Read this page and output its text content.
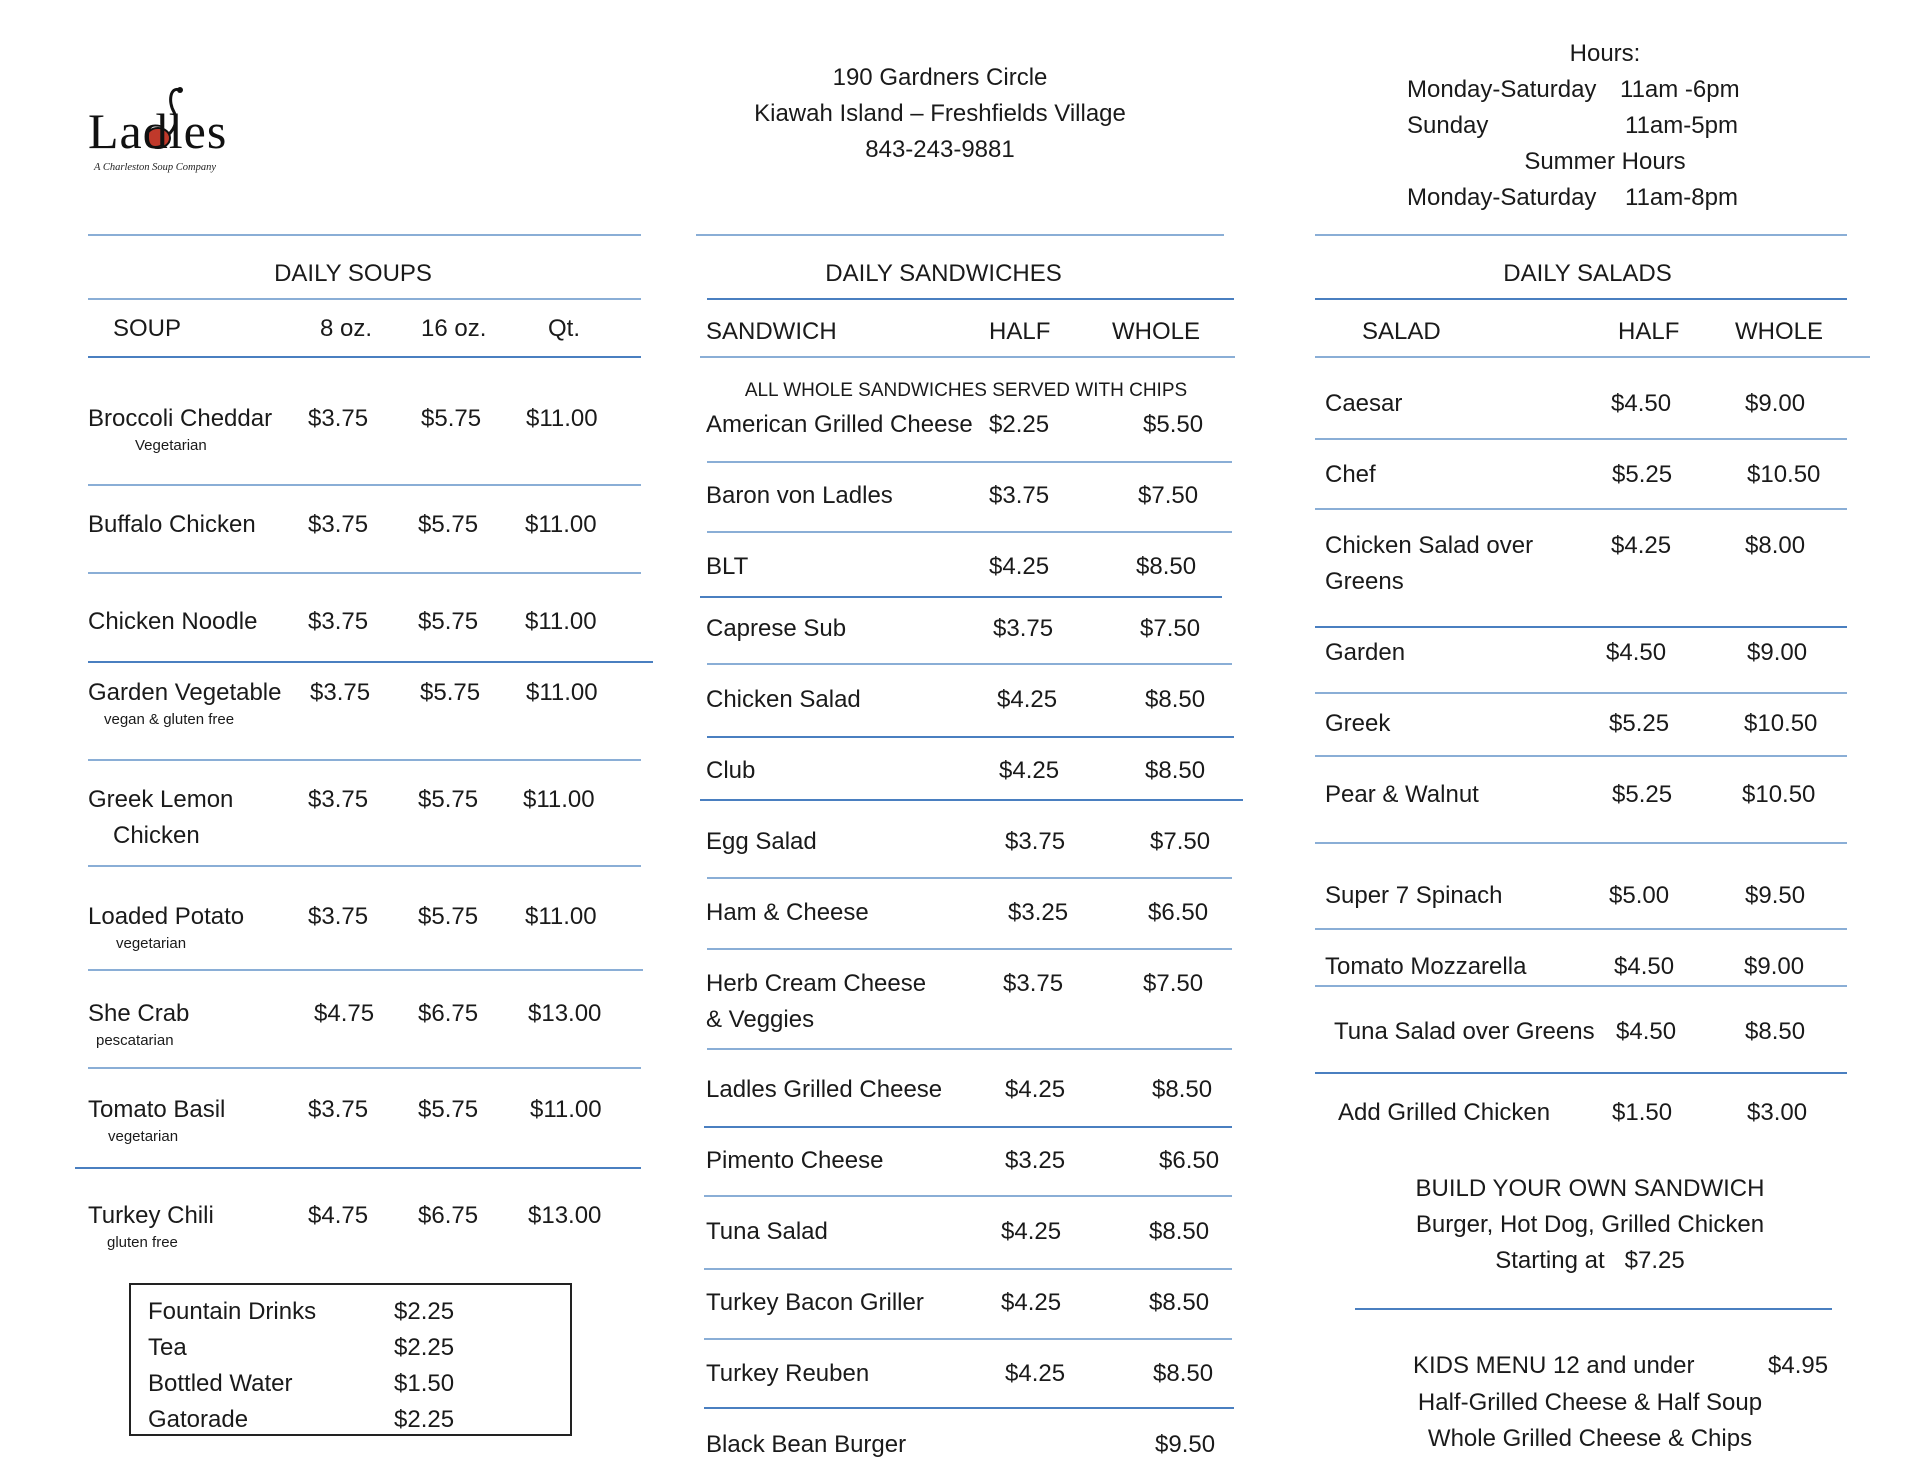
Ladles
A Charleston Soup Company
190 Gardners Circle
Kiawah Island – Freshfields Village
843-243-9881
Hours:
Monday-Saturday 11am -6pm
Sunday	11am-5pm
Summer Hours
Monday-Saturday 11am-8pm
DAILY SOUPS
SOUP	8 oz. 16 oz.	Qt.
Broccoli Cheddar
Vegetarian
$3.75 $5.75 $11.00
Buffalo Chicken $3.75 $5.75 $11.00
Chicken Noodle $3.75 $5.75 $11.00
Garden Vegetable
vegan & gluten free
$3.75 $5.75 $11.00
Greek Lemon
Chicken
$3.75 $5.75 $11.00
Loaded Potato
vegetarian
$3.75 $5.75 $11.00
She Crab
pescatarian
$4.75 $6.75 $13.00
Tomato Basil
vegetarian
$3.75 $5.75 $11.00
Turkey Chili
gluten free
$4.75 $6.75 $13.00
Fountain Drinks	$2.25
Tea	$2.25
Bottled Water	$1.50
Gatorade	$2.25
DAILY SANDWICHES
SANDWICH	HALF	WHOLE
ALL WHOLE SANDWICHES SERVED WITH CHIPS
American Grilled Cheese $2.25	$5.50
Baron von Ladles	$3.75	$7.50
BLT	$4.25	$8.50
Caprese Sub	$3.75	$7.50
Chicken Salad	$4.25	$8.50
Club	$4.25	$8.50
Egg Salad	$3.75	$7.50
Ham & Cheese	$3.25	$6.50
Herb Cream Cheese
& Veggies
$3.75	$7.50
Ladles Grilled Cheese	$4.25	$8.50
Pimento Cheese	$3.25	$6.50
Tuna Salad	$4.25	$8.50
Turkey Bacon Griller	$4.25	$8.50
Turkey Reuben	$4.25	$8.50
Black Bean Burger	$9.50
DAILY SALADS
SALAD	HALF WHOLE
Caesar	$4.50	$9.00
Chef	$5.25	$10.50
Chicken Salad over
Greens
$4.25	$8.00
Garden	$4.50	$9.00
Greek	$5.25	$10.50
Pear & Walnut	$5.25	$10.50
Super 7 Spinach	$5.00	$9.50
Tomato Mozzarella	$4.50	$9.00
Tuna Salad over Greens $4.50	$8.50
Add Grilled Chicken	$1.50	$3.00
BUILD YOUR OWN SANDWICH
Burger, Hot Dog, Grilled Chicken
Starting at $7.25
KIDS MENU 12 and under	$4.95
Half-Grilled Cheese & Half Soup
Whole Grilled Cheese & Chips
